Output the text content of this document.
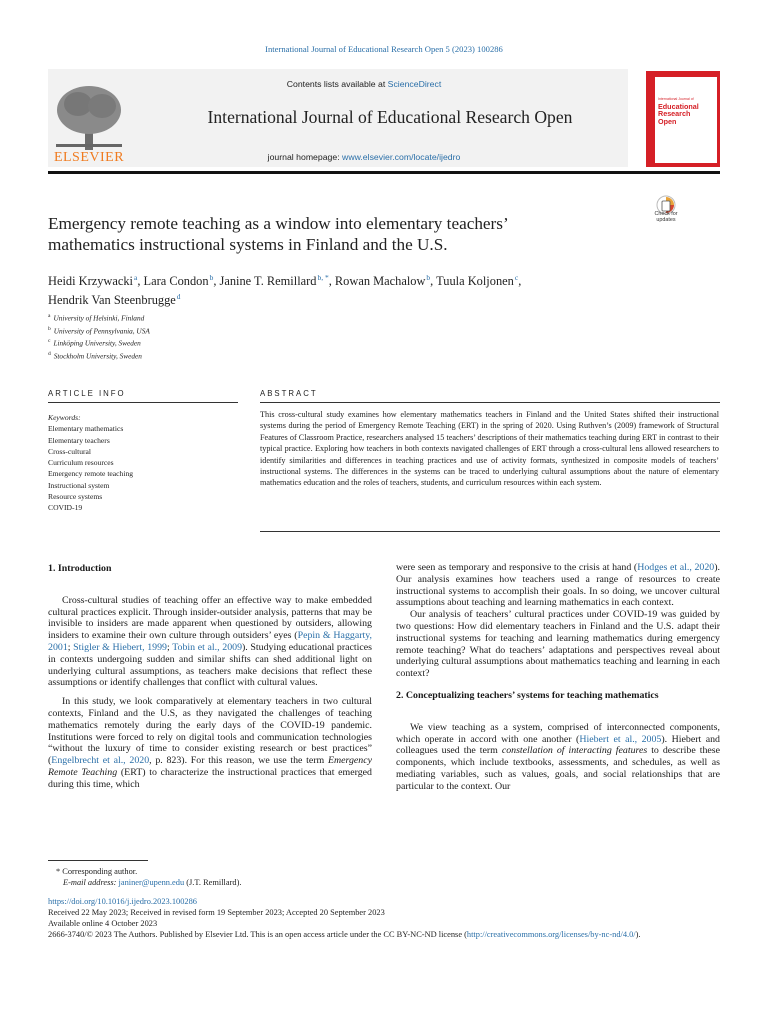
International Journal of Educational Research Open 5 (2023) 100286
ELSEVIER
Contents lists available at ScienceDirect
International Journal of Educational Research Open
journal homepage: www.elsevier.com/locate/ijedro
International Journal of
Educational
Research
Open
Check for
updates
Emergency remote teaching as a window into elementary teachers’
mathematics instructional systems in Finland and the U.S.
Heidi Krzywacki$^a$, Lara Condon$^b$, Janine T. Remillard$^{b, *}$, Rowan Machalow$^b$, Tuula Koljonen$^c$,
Hendrik Van Steenbrugge$^d$
$^a$ University of Helsinki, Finland
$^b$ University of Pennsylvania, USA
$^c$ Linköping University, Sweden
$^d$ Stockholm University, Sweden
ARTICLE INFO	ABSTRACT
Keywords:
Elementary mathematics
Elementary teachers
Cross-cultural
Curriculum resources
Emergency remote teaching
Instructional system
Resource systems
COVID-19
This cross-cultural study examines how elementary mathematics teachers in Finland and the United States shifted their instructional systems during the period of Emergency Remote Teaching (ERT) in the spring of 2020. Using Ruthven’s (2009) framework of Structural Features of Classroom Practice, researchers analysed 15 teachers’ descriptions of their mathematics teaching during ERT in contrast to their typical practice. Exploring how teachers in both contexts navigated challenges of ERT through a cross-cultural lens allowed researchers to identify similarities and differences in teaching practices and use of activity formats, synthesized in composite models of teachers’ instructional systems. The differences in the systems can be traced to underlying cultural assumptions about the nature of elementary mathematics education and the roles of teachers, students, and curriculum resources within each system.
1. Introduction

Cross-cultural studies of teaching offer an effective way to make embedded cultural practices explicit. Through insider-outsider analysis, patterns that may be invisible to insiders are made apparent when questioned by outsiders, allowing insiders to examine their own culture through outsiders’ eyes (Pepin & Haggarty, 2001; Stigler & Hiebert, 1999; Tobin et al., 2009). Studying educational practices in contexts undergoing sudden and similar shifts can shed additional light on underlying cultural assumptions, as teachers make decisions that reflect these assumptions or identify challenges that conflict with cultural values.

In this study, we look comparatively at elementary teachers in two cultural contexts, Finland and the U.S, as they navigated the challenges of teaching mathematics remotely during the early days of the COVID-19 pandemic. Institutions were forced to rely on digital tools and communication technologies “without the luxury of time to consider existing research or best practices” (Engelbrecht et al., 2020, p. 823). For this reason, we use the term Emergency Remote Teaching (ERT) to characterize the instructional practices that emerged during this time, which

were seen as temporary and responsive to the crisis at hand (Hodges et al., 2020). Our analysis examines how teachers used a range of resources to create instructional systems to accomplish their goals. In so doing, we uncover cultural assumptions about teaching and learning mathematics in each context.

Our analysis of teachers’ cultural practices under COVID-19 was guided by two questions: How did elementary teachers in Finland and the U.S. adapt their instructional systems for teaching and learning mathematics during emergency remote teaching? What do teachers’ adaptations and perspectives reveal about underlying cultural assumptions about mathematics teaching and learning in each context?

2. Conceptualizing teachers’ systems for teaching mathematics

We view teaching as a system, comprised of interconnected components, which operate in accord with one another (Hiebert et al., 2005). Hiebert and colleagues used the term constellation of interacting features to describe these components, which include textbooks, assessments, and schedules, as well as mediating variables, such as values, goals, and social relationships that are particular to the context. Our

* Corresponding author.
E-mail address: janiner@upenn.edu (J.T. Remillard).
https://doi.org/10.1016/j.ijedro.2023.100286
Received 22 May 2023; Received in revised form 19 September 2023; Accepted 20 September 2023
Available online 4 October 2023
2666-3740/© 2023 The Authors. Published by Elsevier Ltd. This is an open access article under the CC BY-NC-ND license (http://creativecommons.org/licenses/by-nc-nd/4.0/).
